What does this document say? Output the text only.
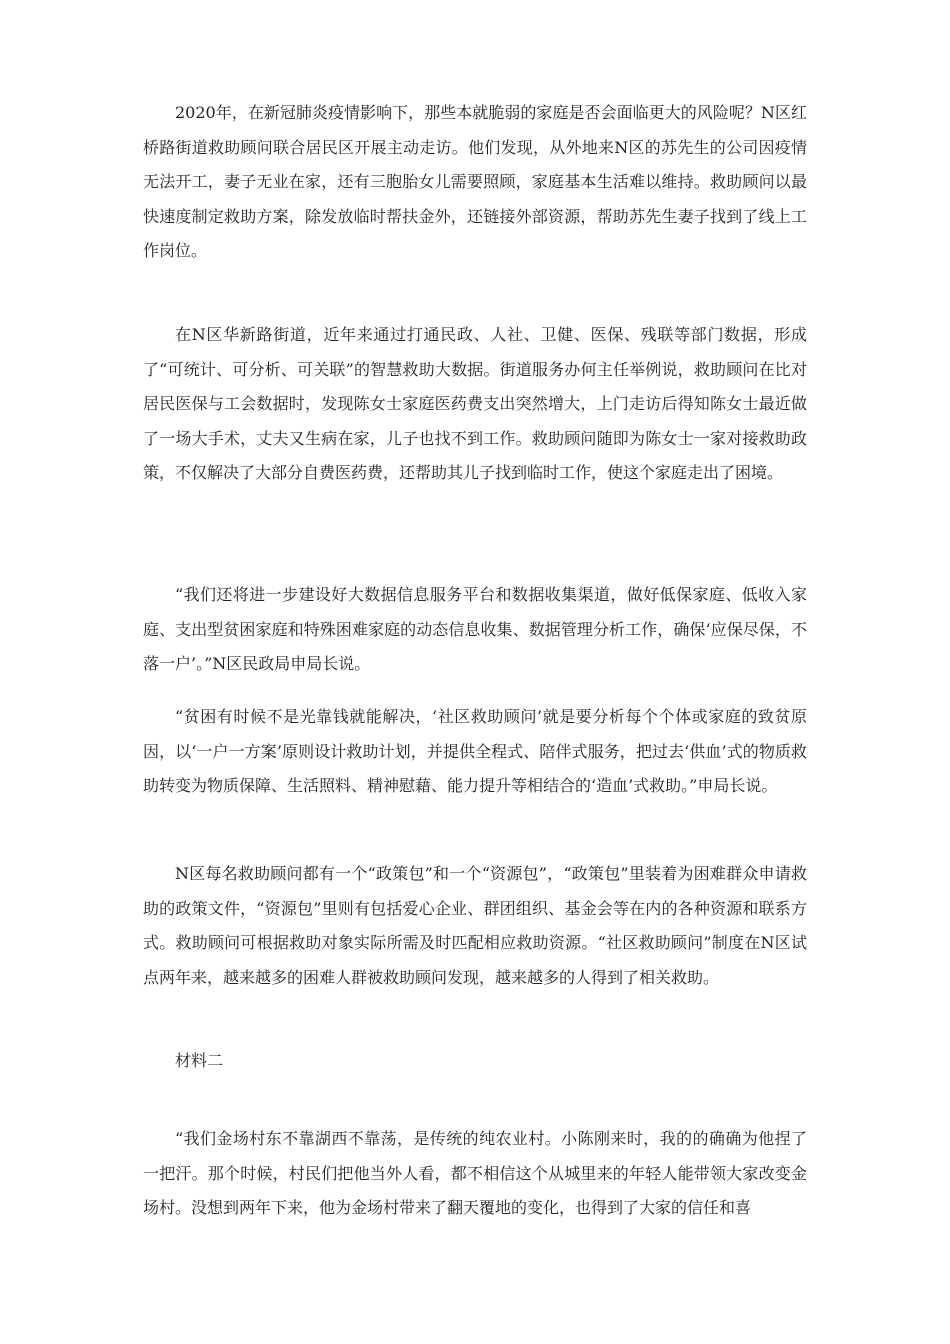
2020年，在新冠肺炎疫情影响下，那些本就脆弱的家庭是否会面临更大的风险呢？N区红桥路街道救助顾问联合居民区开展主动走访。他们发现，从外地来N区的苏先生的公司因疫情无法开工，妻子无业在家，还有三胞胎女儿需要照顾，家庭基本生活难以维持。救助顾问以最快速度制定救助方案，除发放临时帮扶金外，还链接外部资源，帮助苏先生妻子找到了线上工作岗位。

在N区华新路街道，近年来通过打通民政、人社、卫健、医保、残联等部门数据，形成了“可统计、可分析、可关联”的智慧救助大数据。街道服务办何主任举例说，救助顾问在比对居民医保与工会数据时，发现陈女士家庭医药费支出突然增大，上门走访后得知陈女士最近做了一场大手术，丈夫又生病在家，儿子也找不到工作。救助顾问随即为陈女士一家对接救助政策，不仅解决了大部分自费医药费，还帮助其儿子找到临时工作，使这个家庭走出了困境。

“我们还将进一步建设好大数据信息服务平台和数据收集渠道，做好低保家庭、低收入家庭、支出型贫困家庭和特殊困难家庭的动态信息收集、数据管理分析工作，确保‘应保尽保，不落一户’。”N区民政局申局长说。

“贫困有时候不是光靠钱就能解决，‘社区救助顾问’就是要分析每个个体或家庭的致贫原因，以‘一户一方案’原则设计救助计划，并提供全程式、陪伴式服务，把过去‘供血’式的物质救助转变为物质保障、生活照料、精神慰藉、能力提升等相结合的‘造血’式救助。”申局长说。

N区每名救助顾问都有一个“政策包”和一个“资源包”，“政策包”里装着为困难群众申请救助的政策文件，“资源包”里则有包括爱心企业、群团组织、基金会等在内的各种资源和联系方式。救助顾问可根据救助对象实际所需及时匹配相应救助资源。“社区救助顾问”制度在N区试点两年来，越来越多的困难人群被救助顾问发现，越来越多的人得到了相关救助。

材料二

“我们金场村东不靠湖西不靠荡，是传统的纯农业村。小陈刚来时，我的的确确为他捏了一把汗。那个时候，村民们把他当外人看，都不相信这个从城里来的年轻人能带领大家改变金场村。没想到两年下来，他为金场村带来了翻天覆地的变化，也得到了大家的信任和喜
